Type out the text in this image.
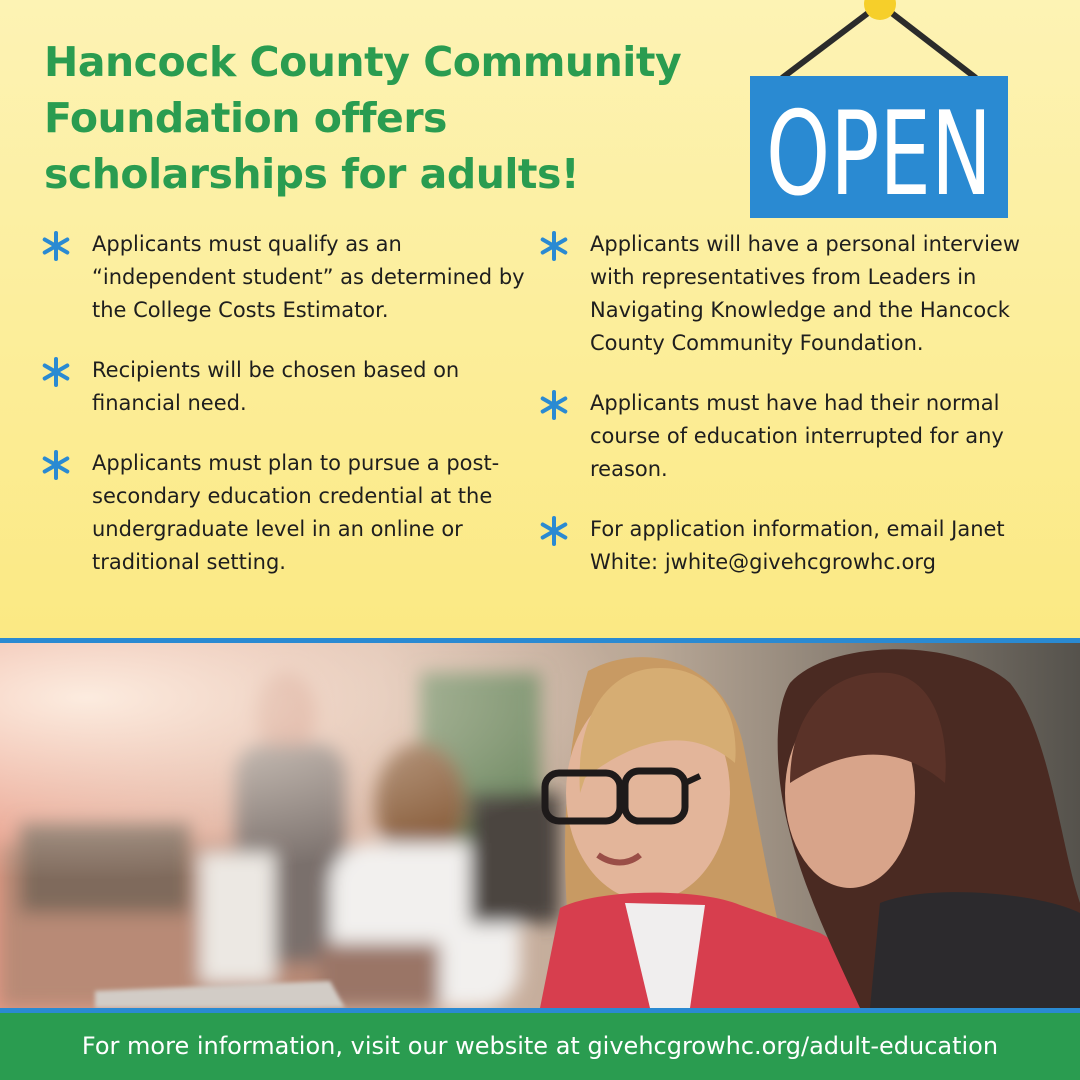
Hancock County Community Foundation offers scholarships for adults!	OPEN
Applicants must qualify as an “independent student” as determined by the College Costs Estimator.
Recipients will be chosen based on financial need.
Applicants must plan to pursue a post-secondary education credential at the undergraduate level in an online or traditional setting.
Applicants will have a personal interview with representatives from Leaders in Navigating Knowledge and the Hancock County Community Foundation.
Applicants must have had their normal course of education interrupted for any reason.
For application information, email Janet White: jwhite@givehcgrowhc.org
For more information, visit our website at givehcgrowhc.org/adult-education
